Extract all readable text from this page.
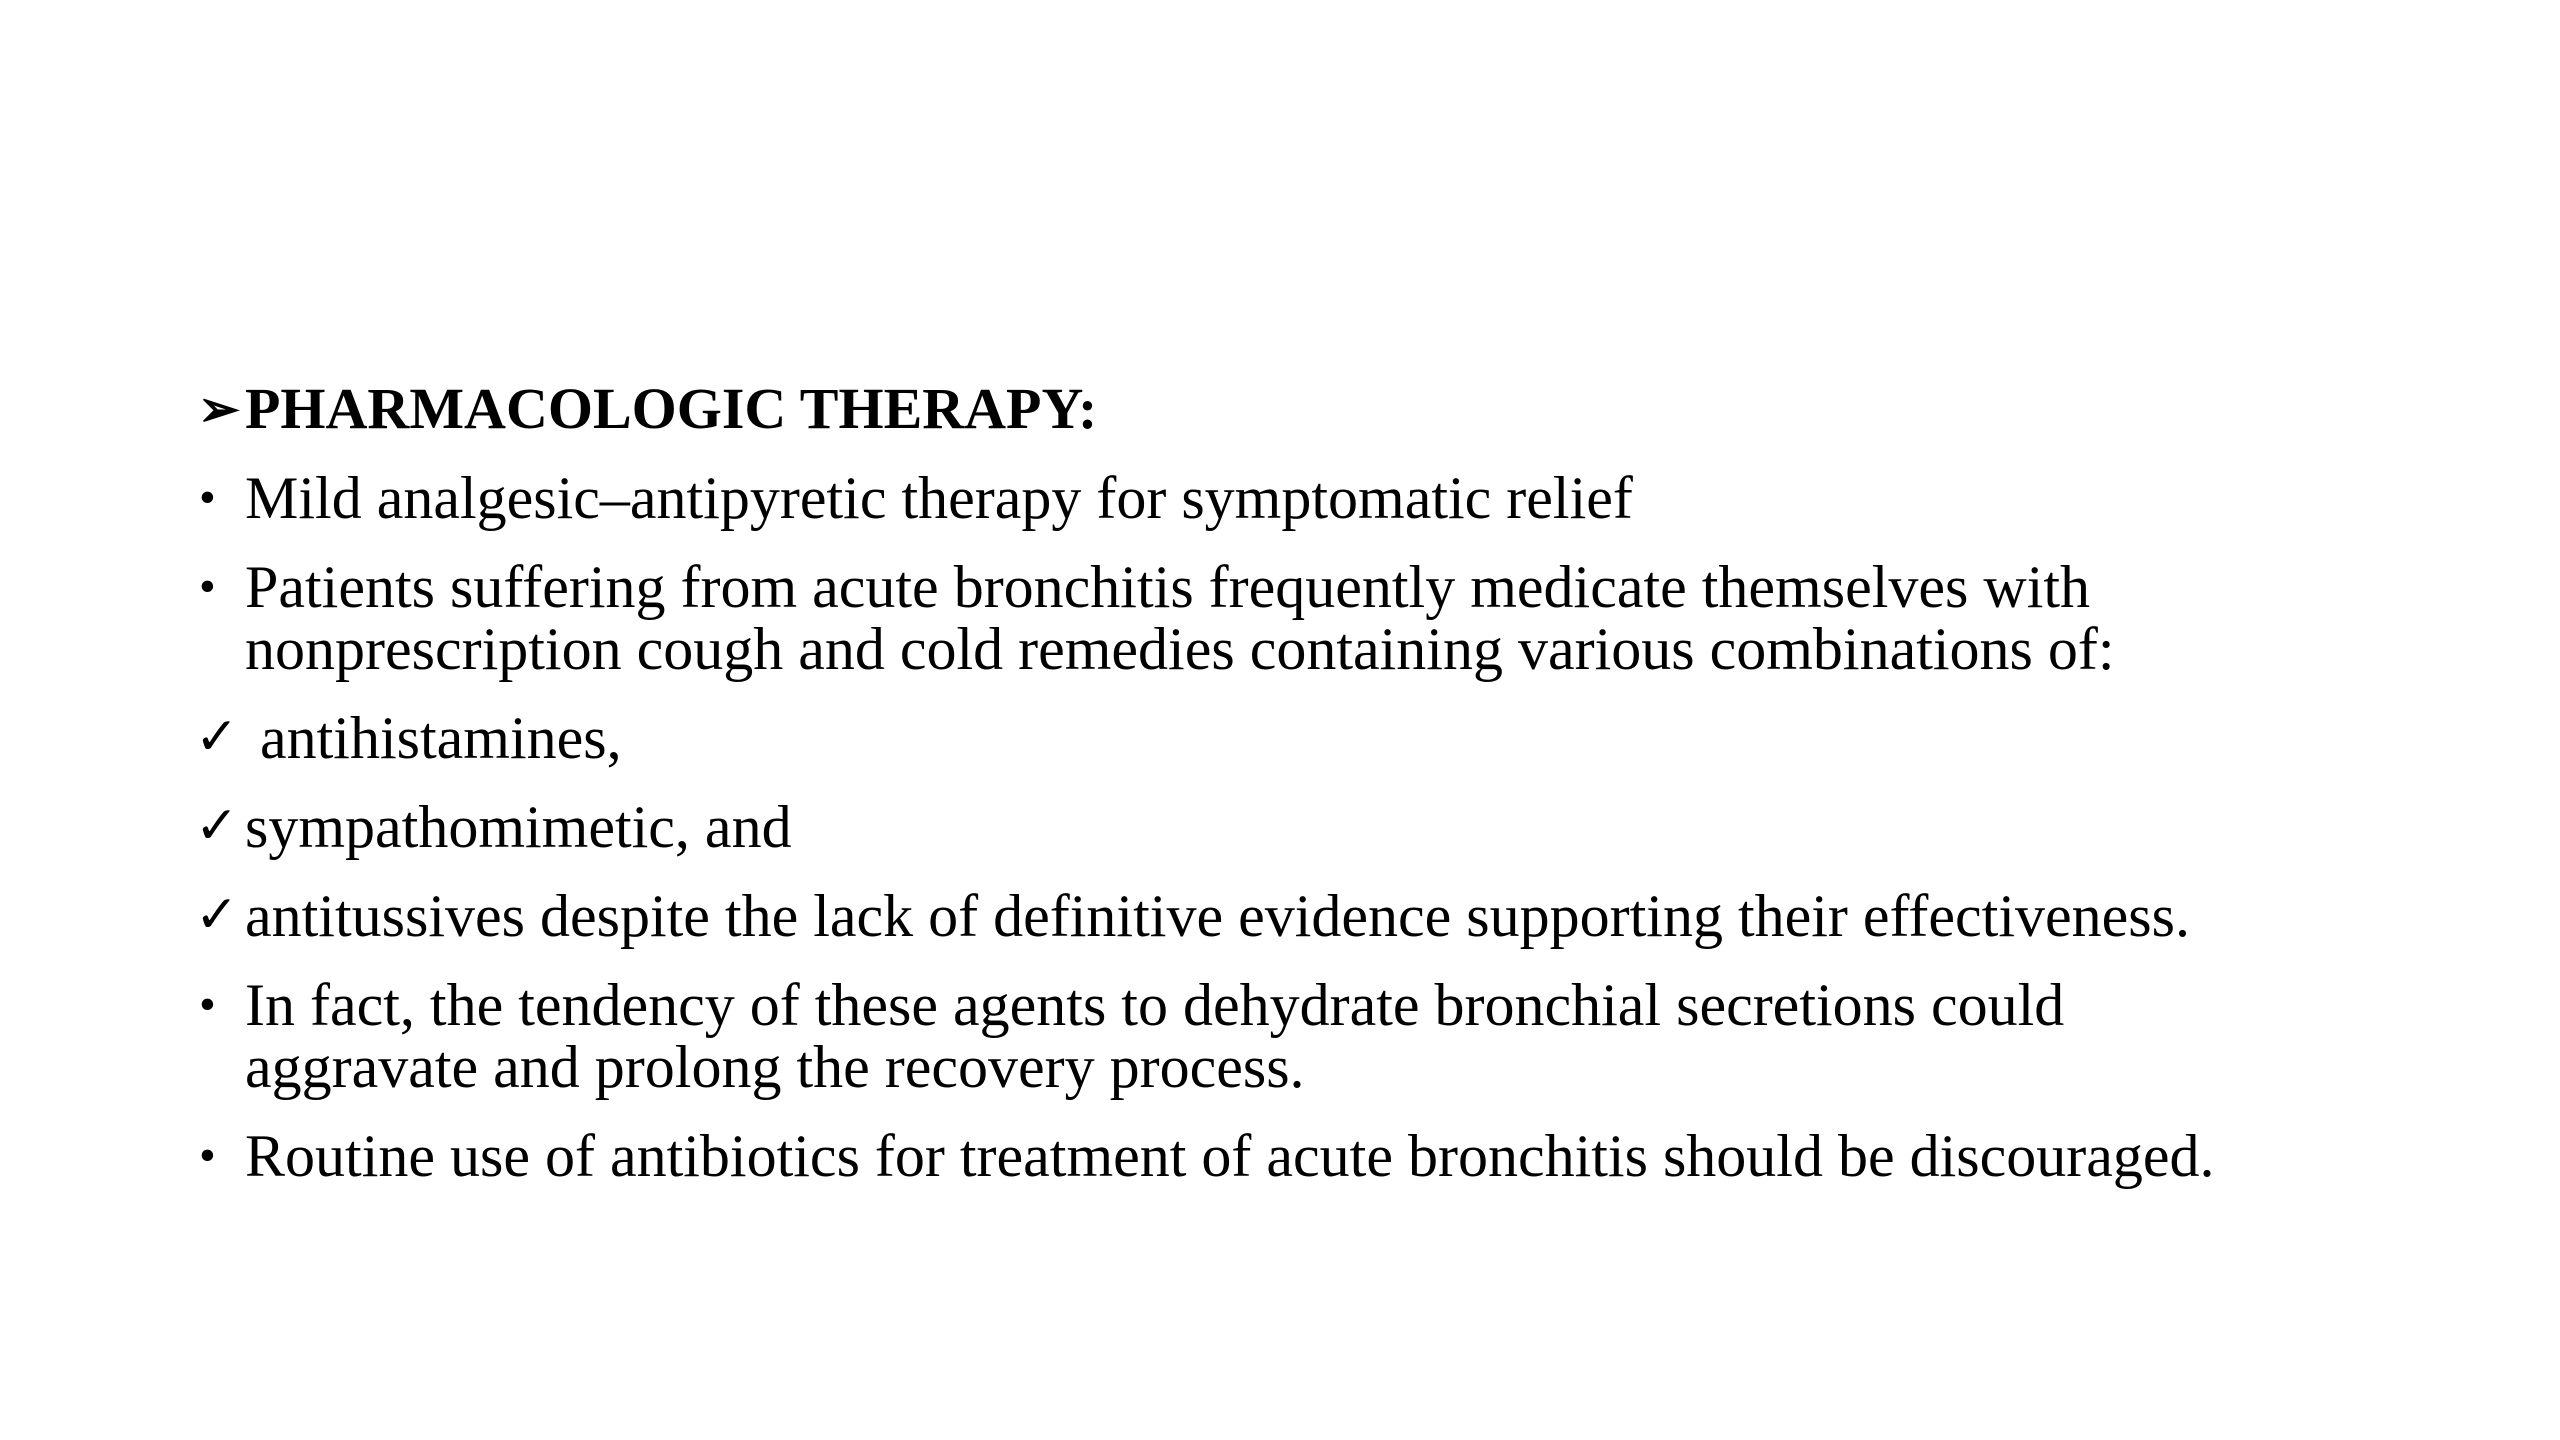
➢ PHARMACOLOGIC THERAPY:
• Mild analgesic–antipyretic therapy for symptomatic relief
• Patients suffering from acute bronchitis frequently medicate themselves with
nonprescription cough and cold remedies containing various combinations of:
✓ antihistamines,
✓ sympathomimetic, and
✓ antitussives despite the lack of definitive evidence supporting their effectiveness.
• In fact, the tendency of these agents to dehydrate bronchial secretions could
aggravate and prolong the recovery process.
• Routine use of antibiotics for treatment of acute bronchitis should be discouraged.
